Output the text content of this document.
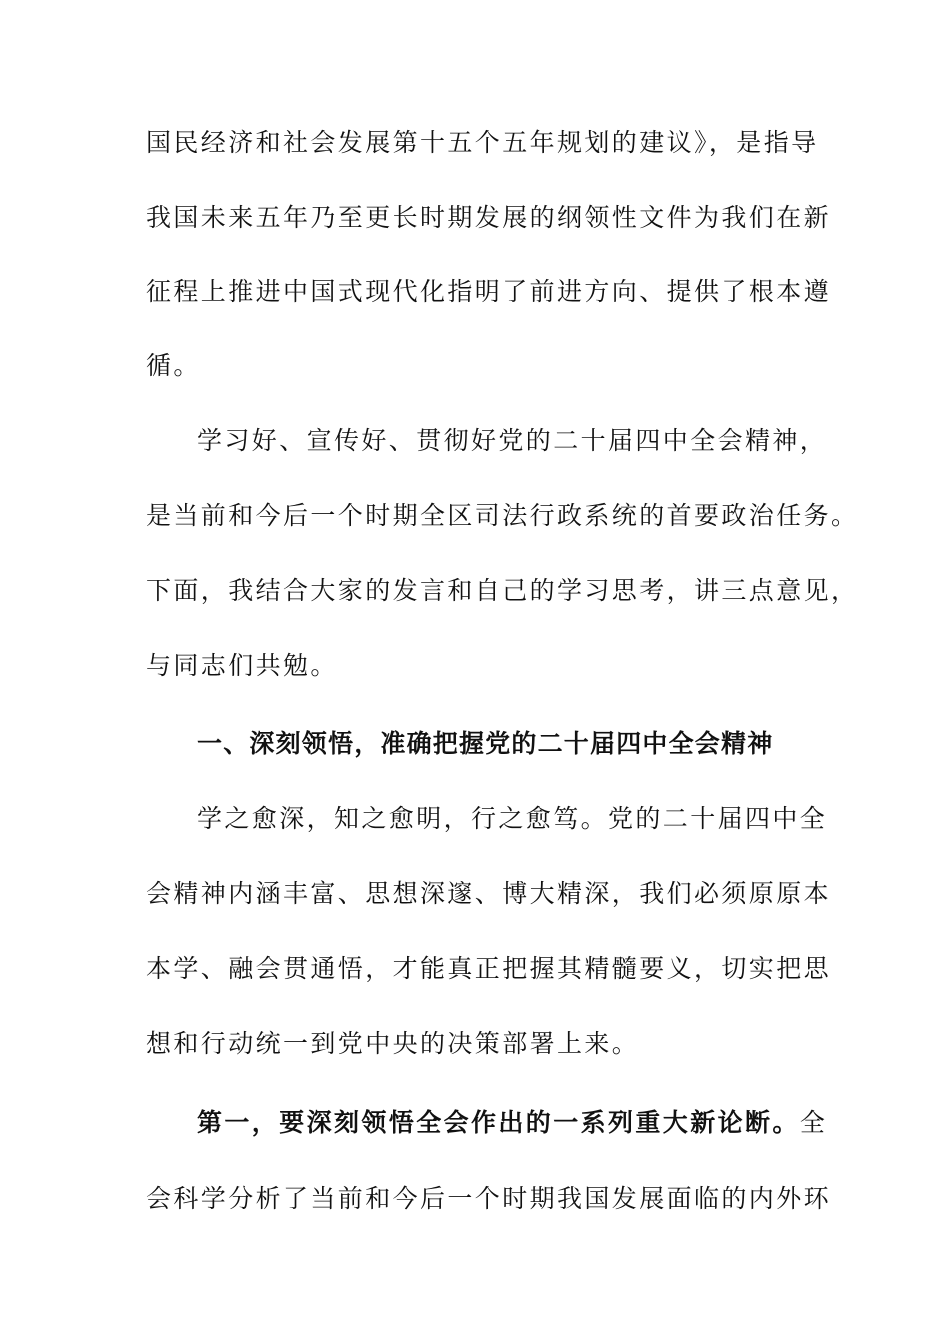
国民经济和社会发展第十五个五年规划的建议》，是指导
我国未来五年乃至更长时期发展的纲领性文件为我们在新
征程上推进中国式现代化指明了前进方向、提供了根本遵
循。
学习好、宣传好、贯彻好党的二十届四中全会精神，
是当前和今后一个时期全区司法行政系统的首要政治任务。
下面，我结合大家的发言和自己的学习思考，讲三点意见，
与同志们共勉。
一、深刻领悟，准确把握党的二十届四中全会精神
学之愈深，知之愈明，行之愈笃。党的二十届四中全
会精神内涵丰富、思想深邃、博大精深，我们必须原原本
本学、融会贯通悟，才能真正把握其精髓要义，切实把思
想和行动统一到党中央的决策部署上来。
第一，要深刻领悟全会作出的一系列重大新论断。全
会科学分析了当前和今后一个时期我国发展面临的内外环
